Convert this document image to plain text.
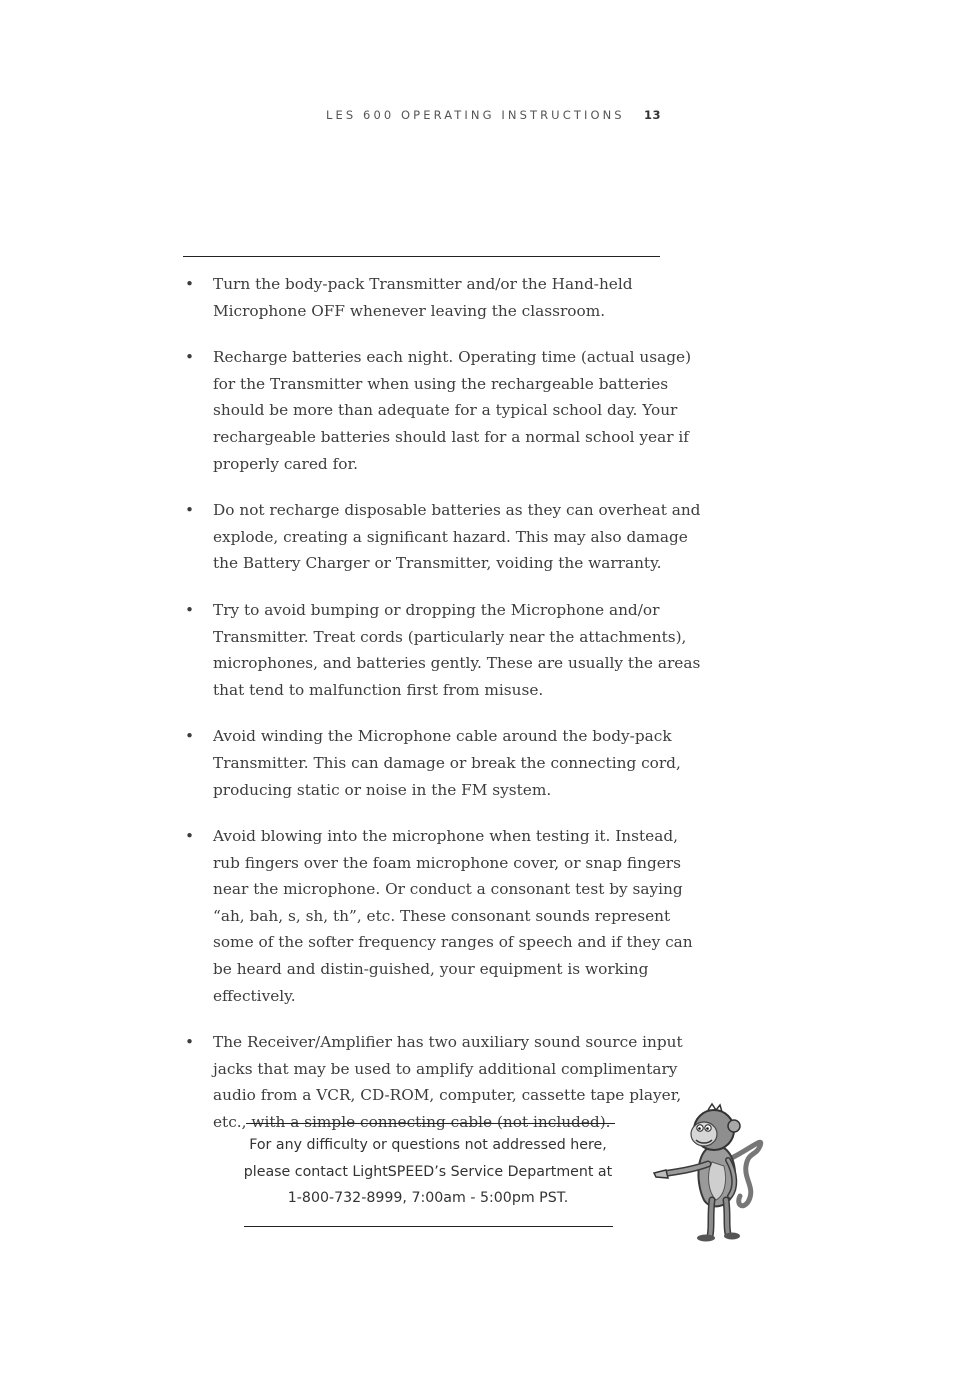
LES 600 OPERATING INSTRUCTIONS 13
• Turn the body-pack Transmitter and/or the Hand-held Microphone OFF whenever leaving the classroom.
• Recharge batteries each night. Operating time (actual usage) for the Transmitter when using the rechargeable batteries should be more than adequate for a typical school day. Your rechargeable batteries should last for a normal school year if properly cared for.
• Do not recharge disposable batteries as they can overheat and explode, creating a significant hazard. This may also damage the Battery Charger or Transmitter, voiding the warranty.
• Try to avoid bumping or dropping the Microphone and/or Transmitter. Treat cords (particularly near the attachments), microphones, and batteries gently. These are usually the areas that tend to malfunction first from misuse.
• Avoid winding the Microphone cable around the body-pack Transmitter. This can damage or break the connecting cord, producing static or noise in the FM system.
• Avoid blowing into the microphone when testing it. Instead, rub fingers over the foam microphone cover, or snap fingers near the microphone. Or conduct a consonant test by saying “ah, bah, s, sh, th”, etc. These consonant sounds represent some of the softer frequency ranges of speech and if they can be heard and distin-guished, your equipment is working effectively.
• The Receiver/Amplifier has two auxiliary sound source input jacks that may be used to amplify additional complimentary audio from a VCR, CD-ROM, computer, cassette tape player, etc., with a simple connecting cable (not included).
For any difficulty or questions not addressed here,
please contact LightSPEED’s Service Department at
1-800-732-8999, 7:00am - 5:00pm PST.
